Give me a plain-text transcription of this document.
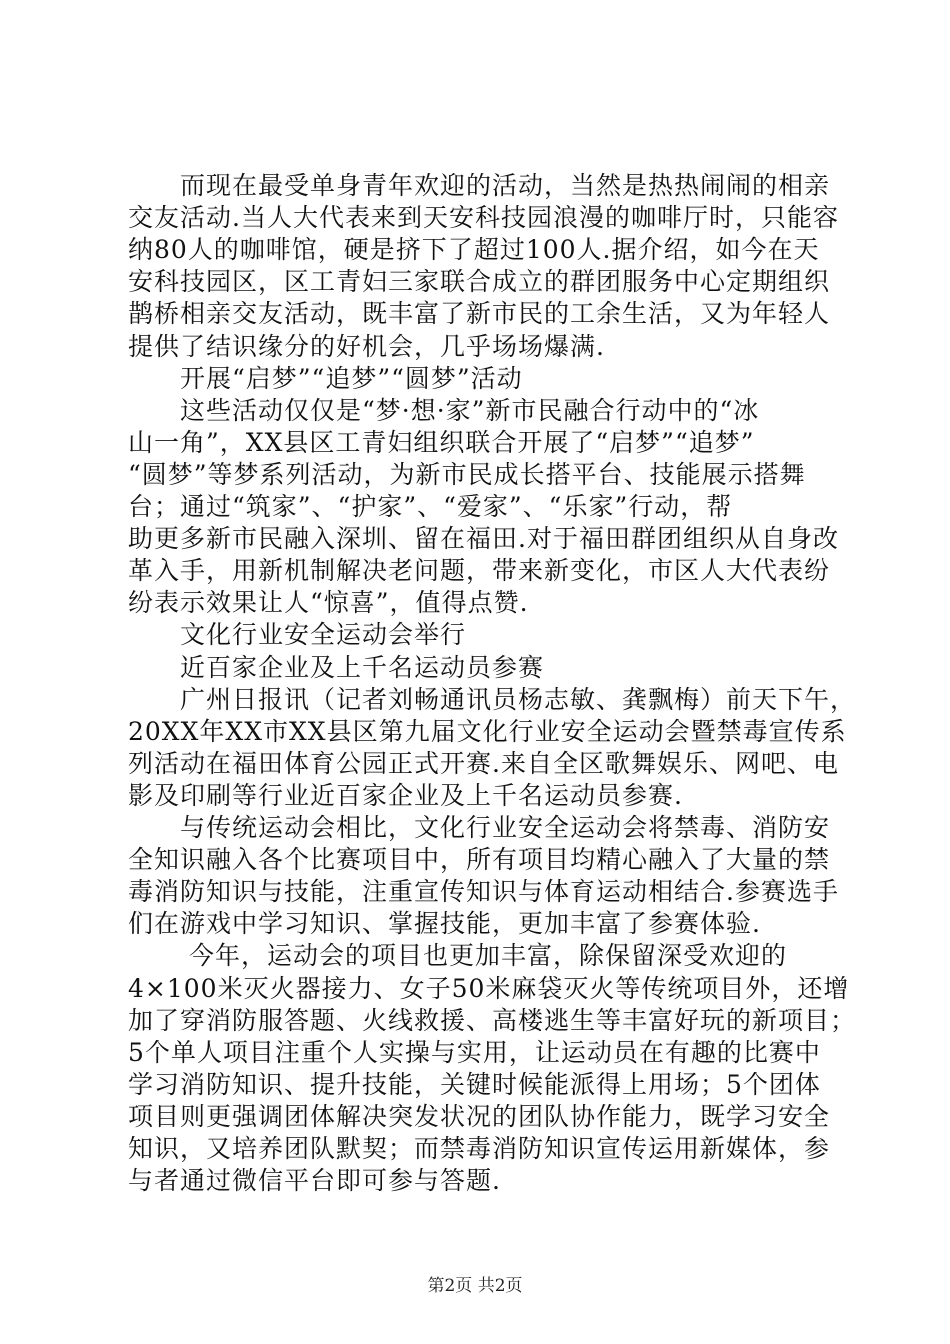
　　而现在最受单身青年欢迎的活动，当然是热热闹闹的相亲
交友活动.当人大代表来到天安科技园浪漫的咖啡厅时，只能容
纳80人的咖啡馆，硬是挤下了超过100人.据介绍，如今在天
安科技园区，区工青妇三家联合成立的群团服务中心定期组织
鹊桥相亲交友活动，既丰富了新市民的工余生活，又为年轻人
提供了结识缘分的好机会，几乎场场爆满.
　　开展“启梦”“追梦”“圆梦”活动
　　这些活动仅仅是“梦·想·家”新市民融合行动中的“冰
山一角”，XX县区工青妇组织联合开展了“启梦”“追梦”
“圆梦”等梦系列活动，为新市民成长搭平台、技能展示搭舞
台；通过“筑家”、“护家”、“爱家”、“乐家”行动，帮
助更多新市民融入深圳、留在福田.对于福田群团组织从自身改
革入手，用新机制解决老问题，带来新变化，市区人大代表纷
纷表示效果让人“惊喜”，值得点赞.
　　文化行业安全运动会举行
　　近百家企业及上千名运动员参赛
　　广州日报讯（记者刘畅通讯员杨志敏、龚飘梅）前天下午，
20XX年XX市XX县区第九届文化行业安全运动会暨禁毒宣传系
列活动在福田体育公园正式开赛.来自全区歌舞娱乐、网吧、电
影及印刷等行业近百家企业及上千名运动员参赛.
　　与传统运动会相比，文化行业安全运动会将禁毒、消防安
全知识融入各个比赛项目中，所有项目均精心融入了大量的禁
毒消防知识与技能，注重宣传知识与体育运动相结合.参赛选手
们在游戏中学习知识、掌握技能，更加丰富了参赛体验.
　　 今年，运动会的项目也更加丰富，除保留深受欢迎的
4×100米灭火器接力、女子50米麻袋灭火等传统项目外，还增
加了穿消防服答题、火线救援、高楼逃生等丰富好玩的新项目；
5个单人项目注重个人实操与实用，让运动员在有趣的比赛中
学习消防知识、提升技能，关键时候能派得上用场；5个团体
项目则更强调团体解决突发状况的团队协作能力，既学习安全
知识，又培养团队默契；而禁毒消防知识宣传运用新媒体，参
与者通过微信平台即可参与答题.
第2页 共2页
